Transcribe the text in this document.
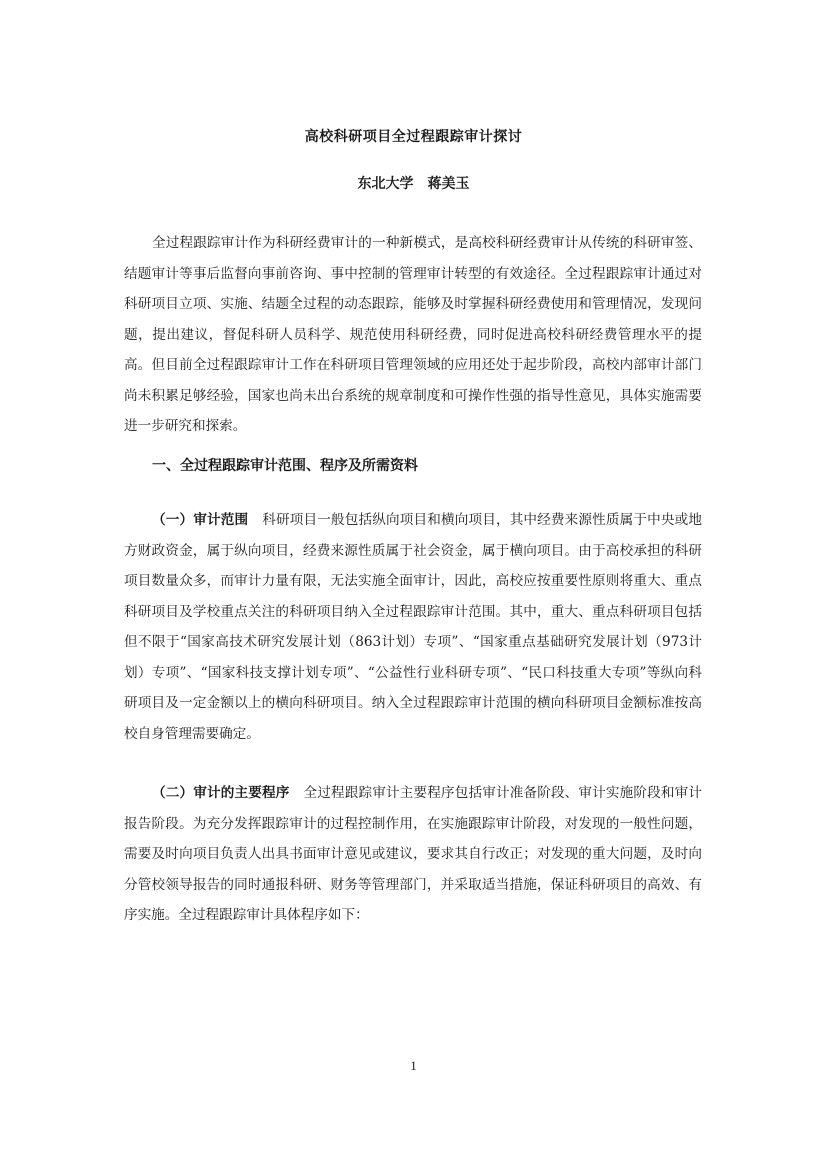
高校科研项目全过程跟踪审计探讨
东北大学 蒋美玉

全过程跟踪审计作为科研经费审计的一种新模式，是高校科研经费审计从传统的科研审签、结题审计等事后监督向事前咨询、事中控制的管理审计转型的有效途径。全过程跟踪审计通过对科研项目立项、实施、结题全过程的动态跟踪，能够及时掌握科研经费使用和管理情况，发现问题，提出建议，督促科研人员科学、规范使用科研经费，同时促进高校科研经费管理水平的提高。但目前全过程跟踪审计工作在科研项目管理领域的应用还处于起步阶段，高校内部审计部门尚未积累足够经验，国家也尚未出台系统的规章制度和可操作性强的指导性意见，具体实施需要进一步研究和探索。

一、全过程跟踪审计范围、程序及所需资料

（一）审计范围 科研项目一般包括纵向项目和横向项目，其中经费来源性质属于中央或地方财政资金，属于纵向项目，经费来源性质属于社会资金，属于横向项目。由于高校承担的科研项目数量众多，而审计力量有限，无法实施全面审计，因此，高校应按重要性原则将重大、重点科研项目及学校重点关注的科研项目纳入全过程跟踪审计范围。其中，重大、重点科研项目包括但不限于“国家高技术研究发展计划（863计划）专项”、“国家重点基础研究发展计划（973计划）专项”、“国家科技支撑计划专项”、“公益性行业科研专项”、“民口科技重大专项”等纵向科研项目及一定金额以上的横向科研项目。纳入全过程跟踪审计范围的横向科研项目金额标准按高校自身管理需要确定。

（二）审计的主要程序 全过程跟踪审计主要程序包括审计准备阶段、审计实施阶段和审计报告阶段。为充分发挥跟踪审计的过程控制作用，在实施跟踪审计阶段，对发现的一般性问题，需要及时向项目负责人出具书面审计意见或建议，要求其自行改正；对发现的重大问题，及时向分管校领导报告的同时通报科研、财务等管理部门，并采取适当措施，保证科研项目的高效、有序实施。全过程跟踪审计具体程序如下：

1
